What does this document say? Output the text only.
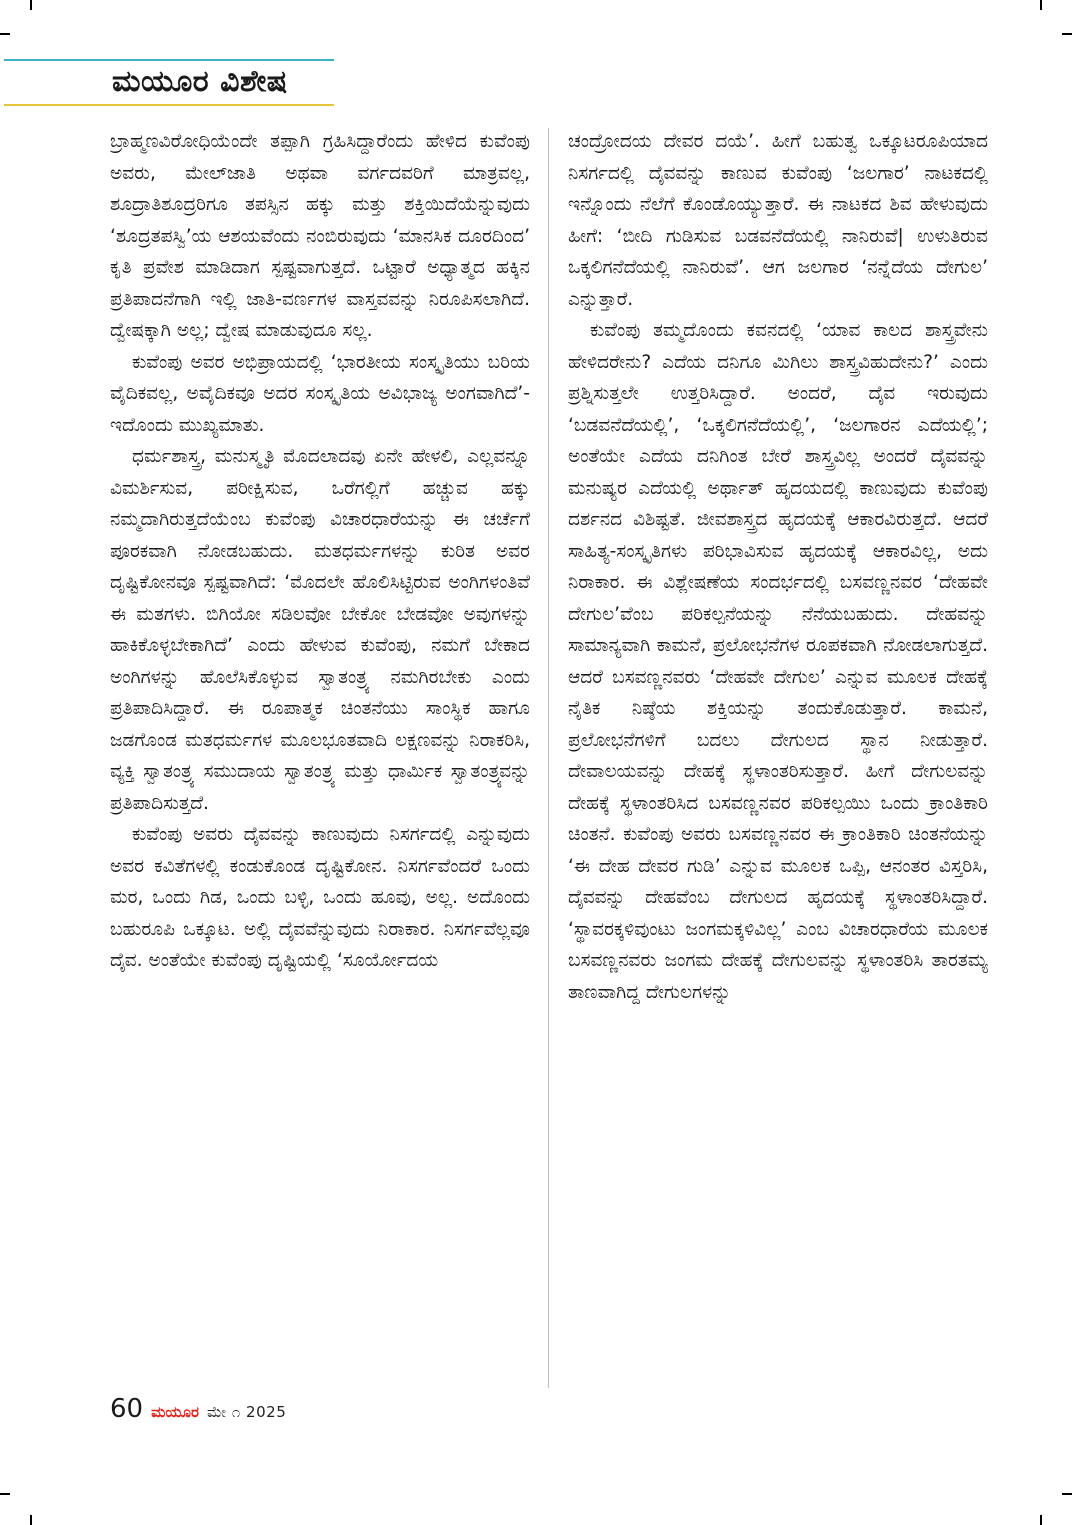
ಮಯೂರ ವಿಶೇಷ

ಬ್ರಾಹ್ಮಣವಿರೋಧಿಯೆಂದೇ ತಪ್ಪಾಗಿ ಗ್ರಹಿಸಿದ್ದಾರೆಂದು ಹೇಳಿದ ಕುವೆಂಪು ಅವರು, ಮೇಲ್‌ಜಾತಿ ಅಥವಾ ವರ್ಗದವರಿಗೆ ಮಾತ್ರವಲ್ಲ, ಶೂದ್ರಾತಿಶೂದ್ರರಿಗೂ ತಪಸ್ಸಿನ ಹಕ್ಕು ಮತ್ತು ಶಕ್ತಿಯಿದೆಯೆನ್ನುವುದು ‘ಶೂದ್ರತಪಸ್ವಿ’ಯ ಆಶಯವೆಂದು ನಂಬಿರುವುದು ‘ಮಾನಸಿಕ ದೂರದಿಂದ’ ಕೃತಿ ಪ್ರವೇಶ ಮಾಡಿದಾಗ ಸ್ಪಷ್ಟವಾಗುತ್ತದೆ. ಒಟ್ಟಾರೆ ಅಧ್ಯಾತ್ಮದ ಹಕ್ಕಿನ ಪ್ರತಿಪಾದನೆಗಾಗಿ ಇಲ್ಲಿ ಜಾತಿ-ವರ್ಣಗಳ ವಾಸ್ತವವನ್ನು ನಿರೂಪಿಸಲಾಗಿದೆ. ದ್ವೇಷಕ್ಕಾಗಿ ಅಲ್ಲ; ದ್ವೇಷ ಮಾಡುವುದೂ ಸಲ್ಲ.

ಕುವೆಂಪು ಅವರ ಅಭಿಪ್ರಾಯದಲ್ಲಿ ‘ಭಾರತೀಯ ಸಂಸ್ಕೃತಿಯು ಬರಿಯ ವೈದಿಕವಲ್ಲ, ಅವೈದಿಕವೂ ಅದರ ಸಂಸ್ಕೃತಿಯ ಅವಿಭಾಜ್ಯ ಅಂಗವಾಗಿದೆ’- ಇದೊಂದು ಮುಖ್ಯಮಾತು.

ಧರ್ಮಶಾಸ್ತ್ರ, ಮನುಸ್ಮೃತಿ ಮೊದಲಾದವು ಏನೇ ಹೇಳಲಿ, ಎಲ್ಲವನ್ನೂ ವಿಮರ್ಶಿಸುವ, ಪರೀಕ್ಷಿಸುವ, ಒರೆಗಲ್ಲಿಗೆ ಹಚ್ಚುವ ಹಕ್ಕು ನಮ್ಮದಾಗಿರುತ್ತದೆಯೆಂಬ ಕುವೆಂಪು ವಿಚಾರಧಾರೆಯನ್ನು ಈ ಚರ್ಚೆಗೆ ಪೂರಕವಾಗಿ ನೋಡಬಹುದು. ಮತಧರ್ಮಗಳನ್ನು ಕುರಿತ ಅವರ ದೃಷ್ಟಿಕೋನವೂ ಸ್ಪಷ್ಟವಾಗಿದೆ: ‘ಮೊದಲೇ ಹೊಲಿಸಿಟ್ಟಿರುವ ಅಂಗಿಗಳಂತಿವೆ ಈ ಮತಗಳು. ಬಿಗಿಯೋ ಸಡಿಲವೋ ಬೇಕೋ ಬೇಡವೋ ಅವುಗಳನ್ನು ಹಾಕಿಕೊಳ್ಳಬೇಕಾಗಿದೆ’ ಎಂದು ಹೇಳುವ ಕುವೆಂಪು, ನಮಗೆ ಬೇಕಾದ ಅಂಗಿಗಳನ್ನು ಹೊಲೆಸಿಕೊಳ್ಳುವ ಸ್ವಾತಂತ್ರ್ಯ ನಮಗಿರಬೇಕು ಎಂದು ಪ್ರತಿಪಾದಿಸಿದ್ದಾರೆ. ಈ ರೂಪಾತ್ಮಕ ಚಿಂತನೆಯು ಸಾಂಸ್ಥಿಕ ಹಾಗೂ ಜಡಗೊಂಡ ಮತಧರ್ಮಗಳ ಮೂಲಭೂತವಾದಿ ಲಕ್ಷಣವನ್ನು ನಿರಾಕರಿಸಿ, ವ್ಯಕ್ತಿ ಸ್ವಾತಂತ್ರ್ಯ ಸಮುದಾಯ ಸ್ವಾತಂತ್ರ್ಯ ಮತ್ತು ಧಾರ್ಮಿಕ ಸ್ವಾತಂತ್ರ್ಯವನ್ನು ಪ್ರತಿಪಾದಿಸುತ್ತದೆ.

ಕುವೆಂಪು ಅವರು ದೈವವನ್ನು ಕಾಣುವುದು ನಿಸರ್ಗದಲ್ಲಿ ಎನ್ನುವುದು ಅವರ ಕವಿತೆಗಳಲ್ಲಿ ಕಂಡುಕೊಂಡ ದೃಷ್ಟಿಕೋನ. ನಿಸರ್ಗವೆಂದರೆ ಒಂದು ಮರ, ಒಂದು ಗಿಡ, ಒಂದು ಬಳ್ಳಿ, ಒಂದು ಹೂವು, ಅಲ್ಲ. ಅದೊಂದು ಬಹುರೂಪಿ ಒಕ್ಕೂಟ. ಅಲ್ಲಿ ದೈವವೆನ್ನುವುದು ನಿರಾಕಾರ. ನಿಸರ್ಗವೆಲ್ಲವೂ ದೈವ. ಅಂತೆಯೇ ಕುವೆಂಪು ದೃಷ್ಟಿಯಲ್ಲಿ ‘ಸೂರ್ಯೋದಯ

ಚಂದ್ರೋದಯ ದೇವರ ದಯೆ’. ಹೀಗೆ ಬಹುತ್ವ ಒಕ್ಕೂಟರೂಪಿಯಾದ ನಿಸರ್ಗದಲ್ಲಿ ದೈವವನ್ನು ಕಾಣುವ ಕುವೆಂಪು ‘ಜಲಗಾರ’ ನಾಟಕದಲ್ಲಿ ಇನ್ನೊಂದು ನೆಲೆಗೆ ಕೊಂಡೊಯ್ಯುತ್ತಾರೆ. ಈ ನಾಟಕದ ಶಿವ ಹೇಳುವುದು ಹೀಗೆ: ‘ಬೀದಿ ಗುಡಿಸುವ ಬಡವನೆದೆಯಲ್ಲಿ ನಾನಿರುವೆ| ಉಳುತಿರುವ ಒಕ್ಕಲಿಗನೆದೆಯಲ್ಲಿ ನಾನಿರುವೆ’. ಆಗ ಜಲಗಾರ ‘ನನ್ನೆದೆಯ ದೇಗುಲ’ ಎನ್ನುತ್ತಾರೆ.

ಕುವೆಂಪು ತಮ್ಮದೊಂದು ಕವನದಲ್ಲಿ ‘ಯಾವ ಕಾಲದ ಶಾಸ್ತ್ರವೇನು ಹೇಳಿದರೇನು? ಎದೆಯ ದನಿಗೂ ಮಿಗಿಲು ಶಾಸ್ತ್ರವಿಹುದೇನು?’ ಎಂದು ಪ್ರಶ್ನಿಸುತ್ತಲೇ ಉತ್ತರಿಸಿದ್ದಾರೆ. ಅಂದರೆ, ದೈವ ಇರುವುದು ‘ಬಡವನೆದೆಯಲ್ಲಿ’, ‘ಒಕ್ಕಲಿಗನೆದೆಯಲ್ಲಿ’, ‘ಜಲಗಾರನ ಎದೆಯಲ್ಲಿ’; ಅಂತೆಯೇ ಎದೆಯ ದನಿಗಿಂತ ಬೇರೆ ಶಾಸ್ತ್ರವಿಲ್ಲ ಅಂದರೆ ದೈವವನ್ನು ಮನುಷ್ಯರ ಎದೆಯಲ್ಲಿ ಅರ್ಥಾತ್ ಹೃದಯದಲ್ಲಿ ಕಾಣುವುದು ಕುವೆಂಪು ದರ್ಶನದ ವಿಶಿಷ್ಟತೆ. ಜೀವಶಾಸ್ತ್ರದ ಹೃದಯಕ್ಕೆ ಆಕಾರವಿರುತ್ತದೆ. ಆದರೆ ಸಾಹಿತ್ಯ-ಸಂಸ್ಕೃತಿಗಳು ಪರಿಭಾವಿಸುವ ಹೃದಯಕ್ಕೆ ಆಕಾರವಿಲ್ಲ, ಅದು ನಿರಾಕಾರ. ಈ ವಿಶ್ಲೇಷಣೆಯ ಸಂದರ್ಭದಲ್ಲಿ ಬಸವಣ್ಣನವರ ‘ದೇಹವೇ ದೇಗುಲ’ವೆಂಬ ಪರಿಕಲ್ಪನೆಯನ್ನು ನೆನೆಯಬಹುದು. ದೇಹವನ್ನು ಸಾಮಾನ್ಯವಾಗಿ ಕಾಮನೆ, ಪ್ರಲೋಭನೆಗಳ ರೂಪಕವಾಗಿ ನೋಡಲಾಗುತ್ತದೆ. ಆದರೆ ಬಸವಣ್ಣನವರು ‘ದೇಹವೇ ದೇಗುಲ’ ಎನ್ನುವ ಮೂಲಕ ದೇಹಕ್ಕೆ ನೈತಿಕ ನಿಷ್ಠೆಯ ಶಕ್ತಿಯನ್ನು ತಂದುಕೊಡುತ್ತಾರೆ. ಕಾಮನೆ, ಪ್ರಲೋಭನೆಗಳಿಗೆ ಬದಲು ದೇಗುಲದ ಸ್ಥಾನ ನೀಡುತ್ತಾರೆ. ದೇವಾಲಯವನ್ನು ದೇಹಕ್ಕೆ ಸ್ಥಳಾಂತರಿಸುತ್ತಾರೆ. ಹೀಗೆ ದೇಗುಲವನ್ನು ದೇಹಕ್ಕೆ ಸ್ಥಳಾಂತರಿಸಿದ ಬಸವಣ್ಣನವರ ಪರಿಕಲ್ಪಯಿು ಒಂದು ಕ್ರಾಂತಿಕಾರಿ ಚಿಂತನೆ. ಕುವೆಂಪು ಅವರು ಬಸವಣ್ಣನವರ ಈ ಕ್ರಾಂತಿಕಾರಿ ಚಿಂತನೆಯನ್ನು ‘ಈ ದೇಹ ದೇವರ ಗುಡಿ’ ಎನ್ನುವ ಮೂಲಕ ಒಪ್ಪಿ, ಆನಂತರ ವಿಸ್ತರಿಸಿ, ದೈವವನ್ನು ದೇಹವೆಂಬ ದೇಗುಲದ ಹೃದಯಕ್ಕೆ ಸ್ಥಳಾಂತರಿಸಿದ್ದಾರೆ. ‘ಸ್ಥಾವರಕ್ಕಳಿವುಂಟು ಜಂಗಮಕ್ಕಳಿವಿಲ್ಲ’ ಎಂಬ ವಿಚಾರಧಾರೆಯ ಮೂಲಕ ಬಸವಣ್ಣನವರು ಜಂಗಮ ದೇಹಕ್ಕೆ ದೇಗುಲವನ್ನು ಸ್ಥಳಾಂತರಿಸಿ ತಾರತಮ್ಯ ತಾಣವಾಗಿದ್ದ ದೇಗುಲಗಳನ್ನು

60 ಮಯೂರ ಮೇ ೧ 2025
